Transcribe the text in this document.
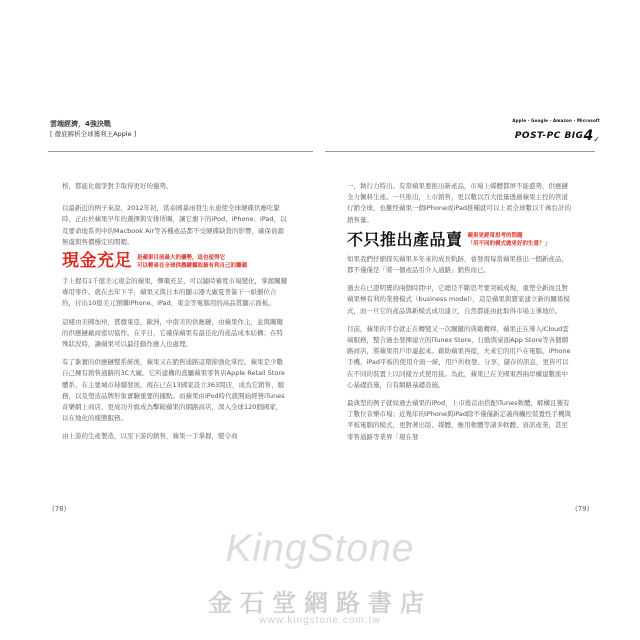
雲端經濟，4強決戰
[ 徹底解析全球獲利王Apple ]
Apple · Google · Amazon · Microsoft
POST-PC $BIG4_✓$

格，都能比競爭對手取得更好的優勢。

以最新近的例子來說，2012年初，當泰國暴雨發生水患使全球硬碟供應吃緊時，正由於蘋果早年的選擇與安排所賜，讓它旗下的iPod、iPhone、iPad，以及要命地系列中的Macbook Air等各種產品都不受硬碟缺貨的影響，確保資源無虞與售價穩定的閒暇。

現金充足 是蘋果目前最大的優勢，這也使得它
可以輕易在全球供應鏈攝取最有利自己的籌碼

手上握有1千億美元現金的蘋果，彈藥充足，可以隨時審度市場變化，掌握關鍵專用零件。就在去年下半，蘋果又與日本的顯示器大廠夏普簽下一紙額位合約，付出10億美元預購iPhone、iPad，東金等電腦用的高品質顯示面板。

這樣由美國加州，貫徹東亞，歐洲，中南美的供應鏈，由蘋果作主，並與關鍵的供應鏈廠商密切協作。在平日，它確保蘋果有最佳化的產品成本結構；在特殊狀況時，讓蘋果可以最佳動作應人也處理。

有了紮實的供應鏈整系統後，蘋果又在銷售通路這環節強化掌控。蘋果是少數自己擁有銷售通路的3C大廠。它所建構的直屬蘋果零售店Apple Retail Store體系，在主要城市持續發展，現在已在13國家設立363間店，成為它銷售、服務，以及塑造品牌形象實驗重要的據點。而蘋果由iPod時代就開始經營iTunes音樂網上商店，更成功升級成為擊破蘋果的網路商店，深入全球120個國家，以在地化的樣態服務。

由上游的生產製造，以至下游的銷售，蘋果一手掌握，變令商

一，執行力特出。有當蘋果要推出新產品，市場上媒體都屏不能盛勢，供應鏈全力佩料生產。一旦推出，上市銷售，更以數以百大批量透過蘋果主控的管道行銷全球，也難怪蘋果一個iPhone或iPad推種就可以上看全球數以千萬台計的銷售量。

不只推出產品賣 蘋果更經常思考的問題
「用不同的模式做更好的生意？」

如果我們仔細探究蘋果多年來的成長軌跡，會發現每當蘋果推出一個新產品，都不僅僅是「將一個產品引介入通路」銷售而已。

過去在已證明賣的兩個時間中，它總是不斷思考要突破成規，重塑全新而且對蘋果極有利的業務模式（business model），這是蘋果與賣家建立新的關係模式，而一旦它的產品與新模式成功建立，自然都能由此取得市場主導地位。

目前，蘋果的平台就正在轉變又一次關鍵的典範轉移，蘋果正在導入iCloud雲端服務，整合過去發揮建立的iTunes Store、行動與桌面App Store等各個網路商店，將蘋果用戶串連起來。藉助蘋果再提，夫來它的用戶在電腦、iPhone手機，iPad平板的使用介面一統，用戶所收發、分享、儲存的訊息，更皆可以在不同的裝置上以同樣方式使用接。為此，蘋果已在美國東西兩岸構建數座中心基礎設施，自有網路基礎設施。

最典型的例子就如過去蘋果的iPod，上市後首由搭配iTunes軟體，解構且獲有了數位音樂市場；近幾年的iPhone與iPad除不僅僅新定義得觸控裝置性手機與平板電腦的模式，更對著出版、媒體、應用軟體等諸多軟體、資訊產業，甚至零售通路等業界「現在發

(78)	(79)
KingStone
金石堂網路書店
www.kingstone.com.tw
